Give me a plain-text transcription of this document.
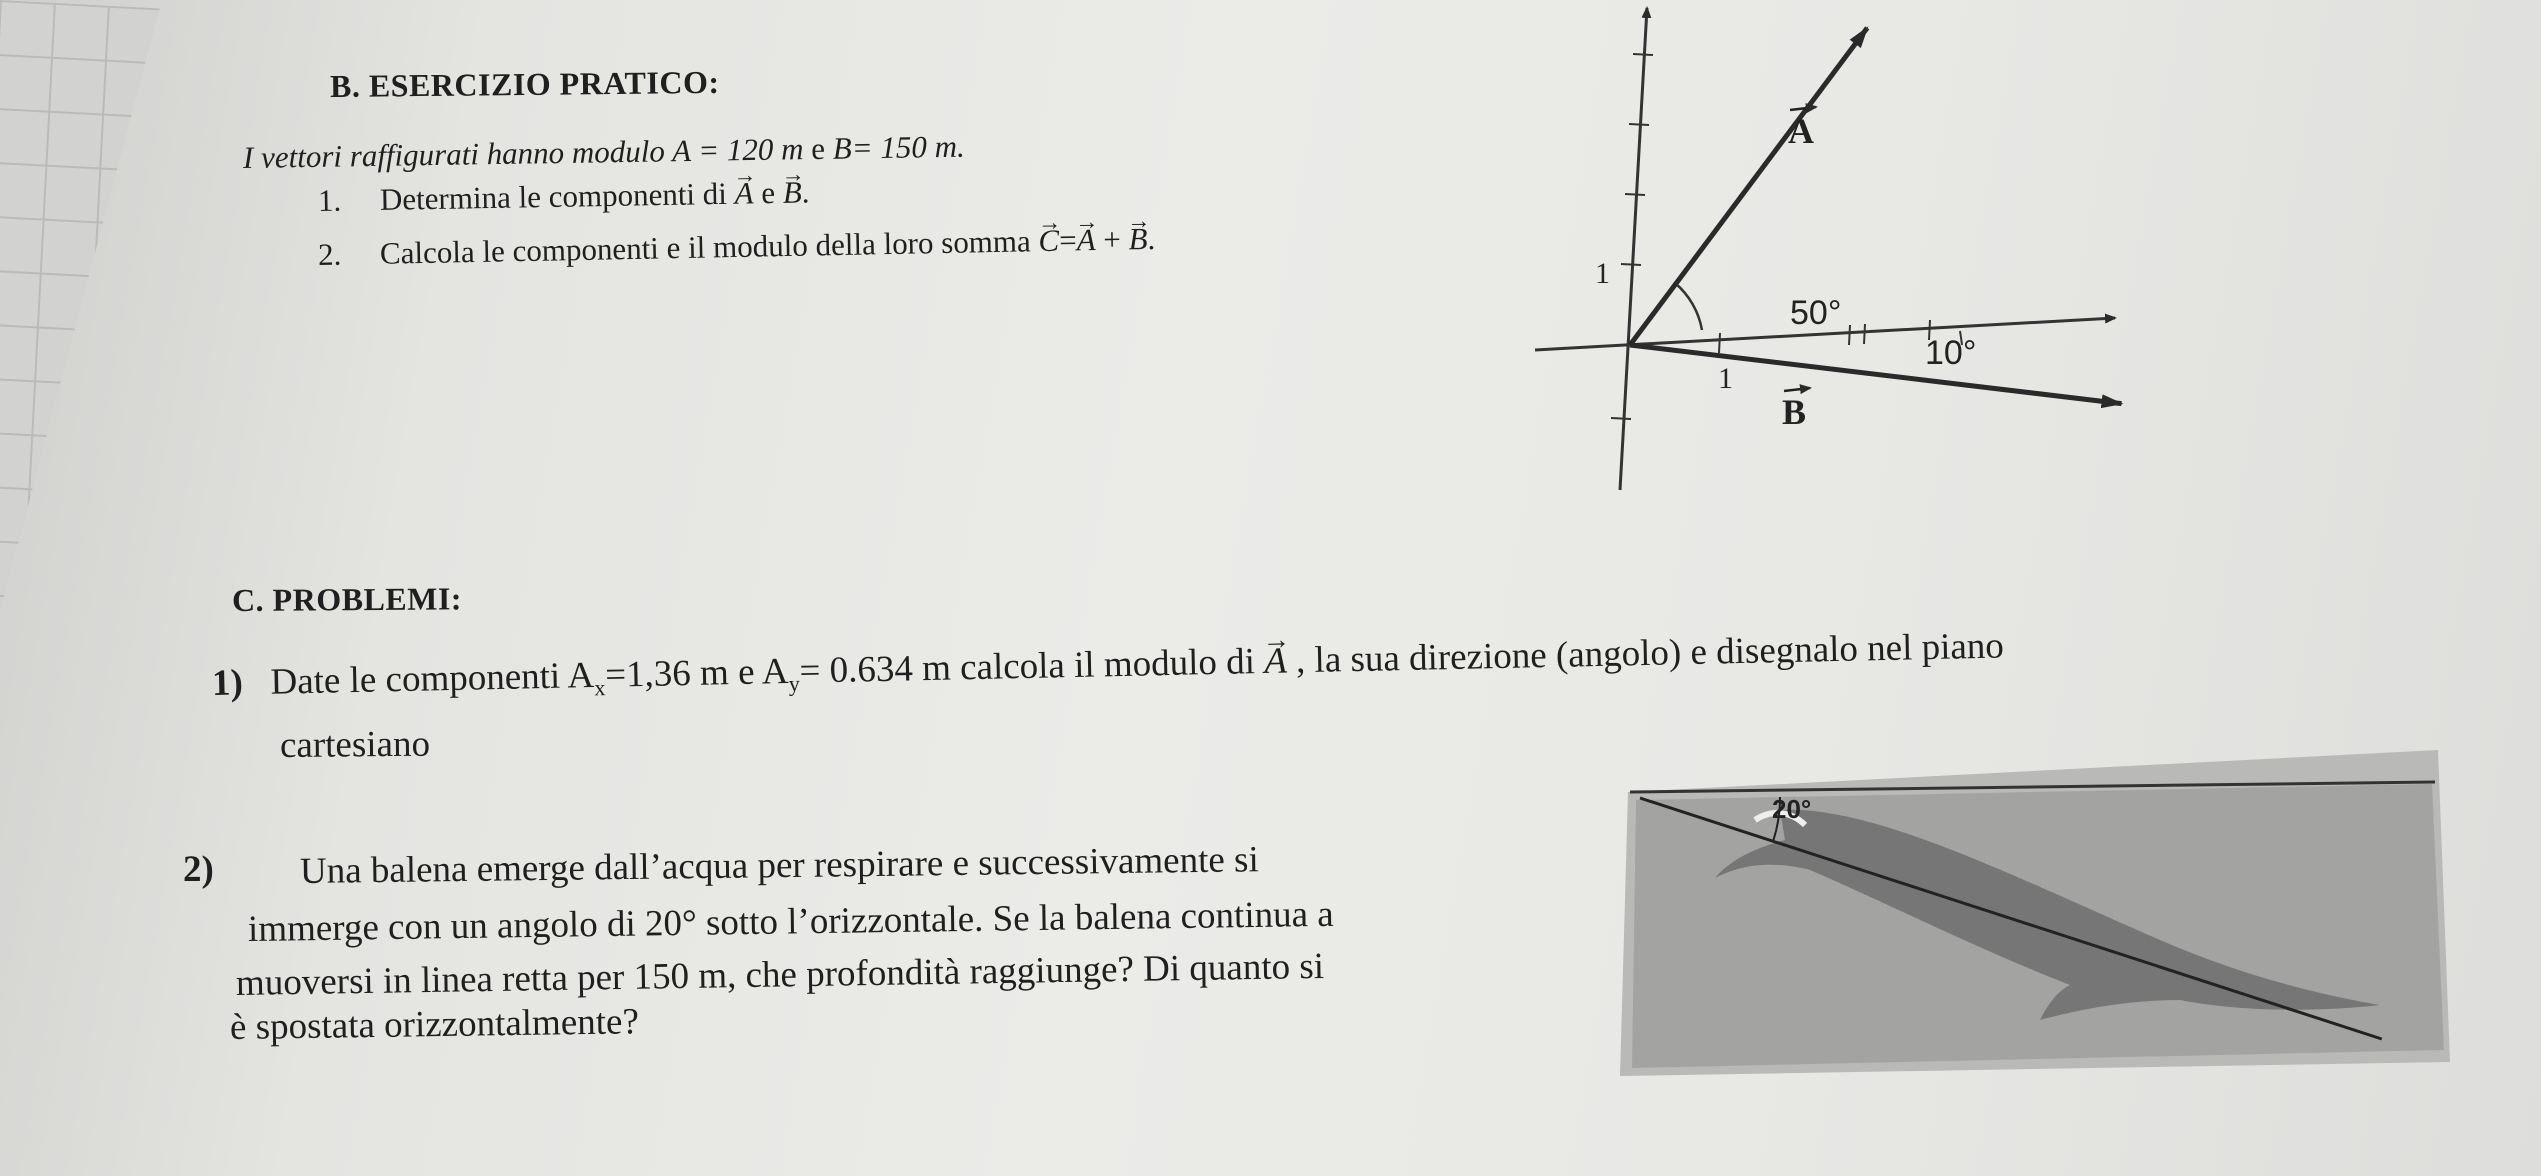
B. ESERCIZIO PRATICO:
I vettori raffigurati hanno modulo A = 120 m e B= 150 m.
1. Determina le componenti di → A e → B.
2. Calcola le componenti e il modulo della loro somma → C=→ A + → B.
50°
10°
1
1
A
B
C. PROBLEMI:
1) Date le componenti $A_x=1,36$ m e $A_y= 0.634$ m calcola il modulo di → A , la sua direzione (angolo) e disegnalo nel piano
cartesiano
2) Una balena emerge dall’acqua per respirare e successivamente si
immerge con un angolo di 20° sotto l’orizzontale. Se la balena continua a
muoversi in linea retta per 150 m, che profondità raggiunge? Di quanto si
è spostata orizzontalmente?
20°
